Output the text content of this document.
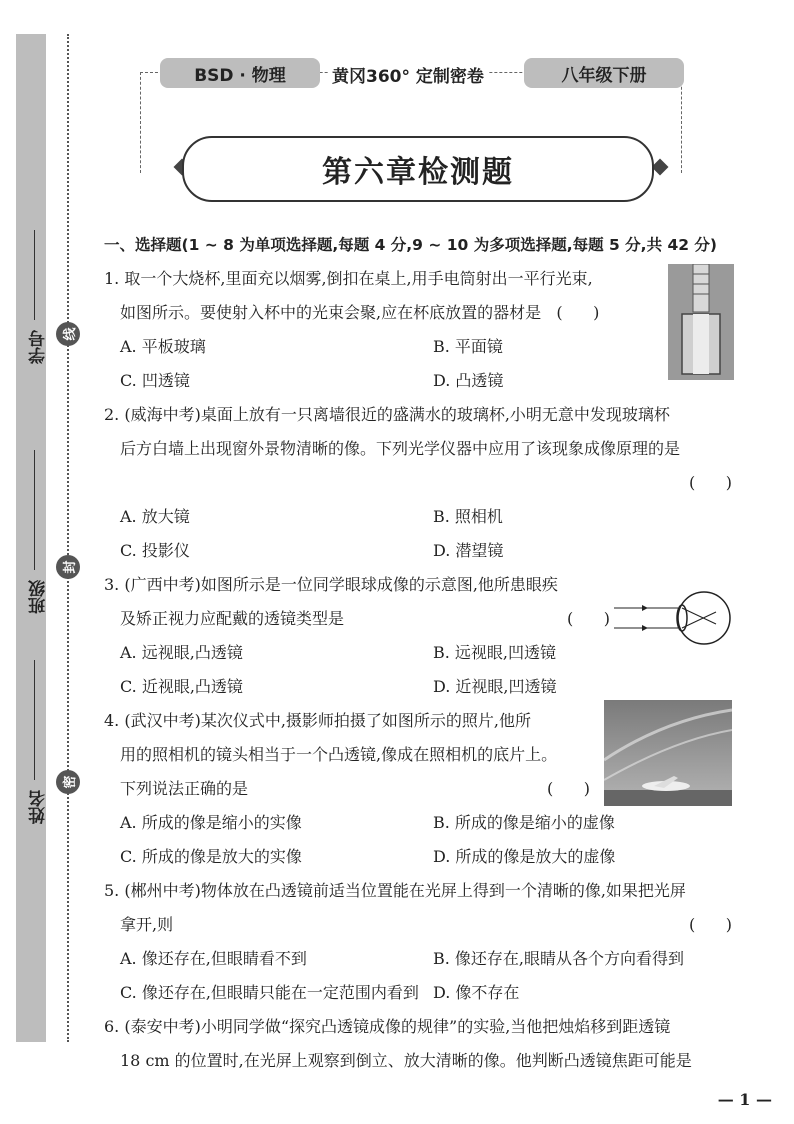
学号
班级
姓名
线
封
密
BSD · 物理	黄冈360° 定制密卷	八年级下册
第六章检测题
一、选择题(1 ~ 8 为单项选择题,每题 4 分,9 ~ 10 为多项选择题,每题 5 分,共 42 分)
1. 取一个大烧杯,里面充以烟雾,倒扣在桌上,用手电筒射出一平行光束,
如图所示。要使射入杯中的光束会聚,应在杯底放置的器材是 (      )
A. 平板玻璃	B. 平面镜
C. 凹透镜	D. 凸透镜
2. (威海中考)桌面上放有一只离墙很近的盛满水的玻璃杯,小明无意中发现玻璃杯
后方白墙上出现窗外景物清晰的像。下列光学仪器中应用了该现象成像原理的是
(      )
A. 放大镜	B. 照相机
C. 投影仪	D. 潜望镜
3. (广西中考)如图所示是一位同学眼球成像的示意图,他所患眼疾
及矫正视力应配戴的透镜类型是	(      )
A. 远视眼,凸透镜	B. 远视眼,凹透镜
C. 近视眼,凸透镜	D. 近视眼,凹透镜
4. (武汉中考)某次仪式中,摄影师拍摄了如图所示的照片,他所
用的照相机的镜头相当于一个凸透镜,像成在照相机的底片上。
下列说法正确的是	(      )
A. 所成的像是缩小的实像	B. 所成的像是缩小的虚像
C. 所成的像是放大的实像	D. 所成的像是放大的虚像
5. (郴州中考)物体放在凸透镜前适当位置能在光屏上得到一个清晰的像,如果把光屏
拿开,则	(      )
A. 像还存在,但眼睛看不到	B. 像还存在,眼睛从各个方向看得到
C. 像还存在,但眼睛只能在一定范围内看到 D. 像不存在
6. (泰安中考)小明同学做“探究凸透镜成像的规律”的实验,当他把烛焰移到距透镜
18 cm 的位置时,在光屏上观察到倒立、放大清晰的像。他判断凸透镜焦距可能是
— 1 —
